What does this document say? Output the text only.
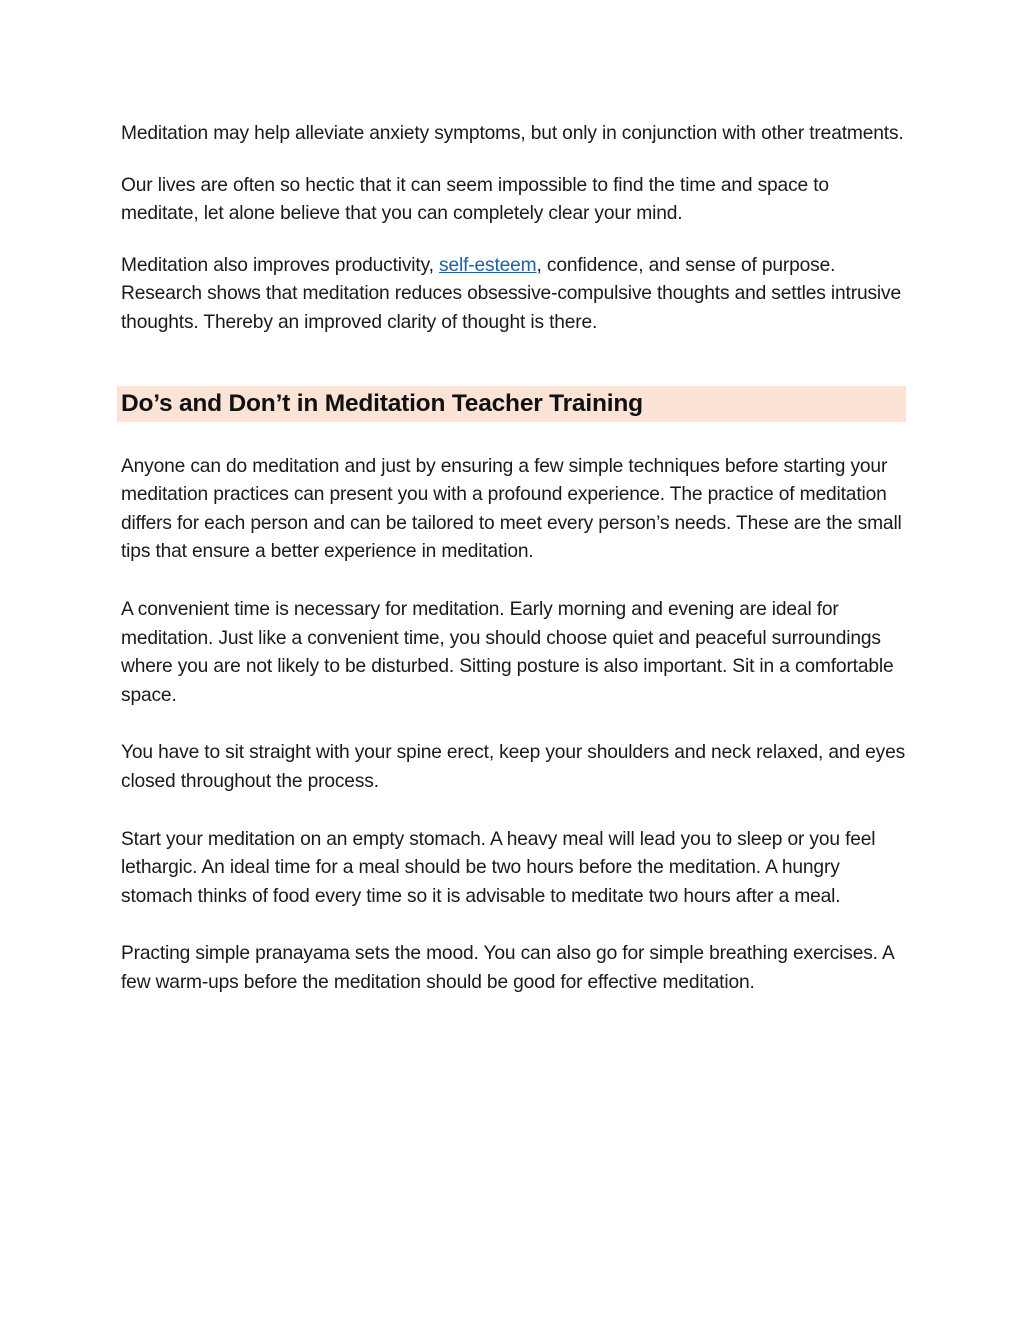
Meditation may help alleviate anxiety symptoms, but only in conjunction with other treatments.

Our lives are often so hectic that it can seem impossible to find the time and space to meditate, let alone believe that you can completely clear your mind.

Meditation also improves productivity, self-esteem, confidence, and sense of purpose. Research shows that meditation reduces obsessive-compulsive thoughts and settles intrusive thoughts. Thereby an improved clarity of thought is there.

Do’s and Don’t in Meditation Teacher Training

Anyone can do meditation and just by ensuring a few simple techniques before starting your meditation practices can present you with a profound experience. The practice of meditation differs for each person and can be tailored to meet every person’s needs. These are the small tips that ensure a better experience in meditation.

A convenient time is necessary for meditation. Early morning and evening are ideal for meditation. Just like a convenient time, you should choose quiet and peaceful surroundings where you are not likely to be disturbed. Sitting posture is also important. Sit in a comfortable space.

You have to sit straight with your spine erect, keep your shoulders and neck relaxed, and eyes closed throughout the process.

Start your meditation on an empty stomach. A heavy meal will lead you to sleep or you feel lethargic. An ideal time for a meal should be two hours before the meditation. A hungry stomach thinks of food every time so it is advisable to meditate two hours after a meal.

Practing simple pranayama sets the mood. You can also go for simple breathing exercises. A few warm-ups before the meditation should be good for effective meditation.
